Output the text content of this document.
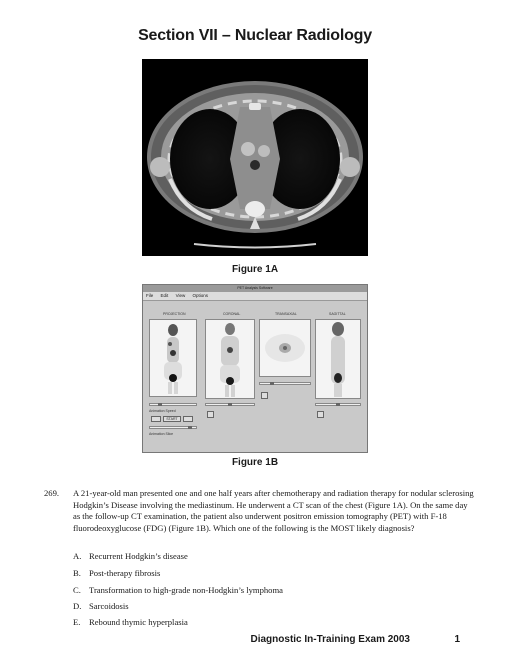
Section VII – Nuclear Radiology
Figure 1A
PET Analysis Software
File Edit View Options
PROJECTION	CORONAL	TRANSAXIAL	SAGITTAL
Animation Speed
START
Animation Slice
Figure 1B
269. A 21-year-old man presented one and one half years after chemotherapy and radiation therapy for nodular sclerosing Hodgkin’s Disease involving the mediastinum. He underwent a CT scan of the chest (Figure 1A). On the same day as the follow-up CT examination, the patient also underwent positron emission tomography (PET) with F-18 fluorodeoxyglucose (FDG) (Figure 1B). Which one of the following is the MOST likely diagnosis?
A. Recurrent Hodgkin’s disease
B. Post-therapy fibrosis
C. Transformation to high-grade non-Hodgkin’s lymphoma
D. Sarcoidosis
E. Rebound thymic hyperplasia
Diagnostic In-Training Exam 2003	1
